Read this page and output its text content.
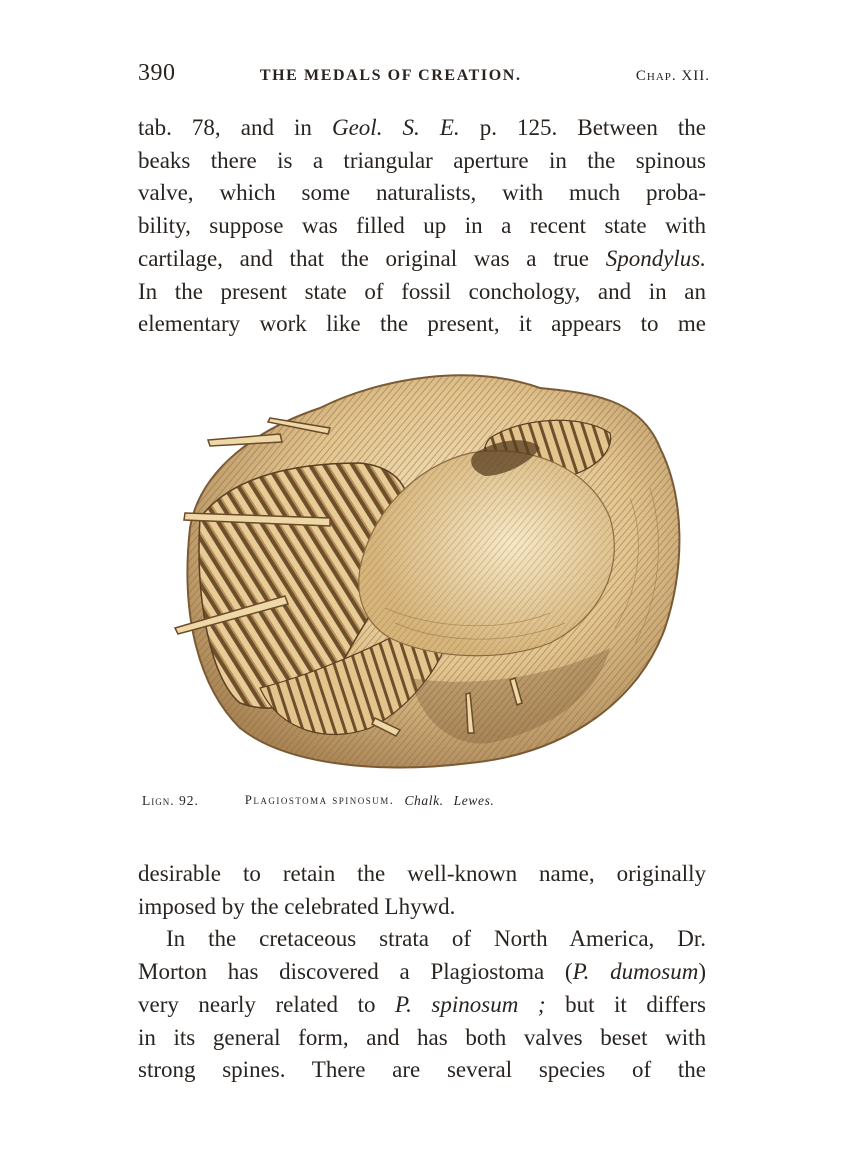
390	THE MEDALS OF CREATION.	Chap. XII.
tab. 78, and in Geol. S. E. p. 125. Between the
beaks there is a triangular aperture in the spinous
valve, which some naturalists, with much proba-
bility, suppose was filled up in a recent state with
cartilage, and that the original was a true Spondylus.
In the present state of fossil conchology, and in an
elementary work like the present, it appears to me
Lign. 92.	Plagiostoma spinosum. Chalk. Lewes.
desirable to retain the well-known name, originally
imposed by the celebrated Lhywd.
In the cretaceous strata of North America, Dr.
Morton has discovered a Plagiostoma (P. dumosum)
very nearly related to P. spinosum ; but it differs
in its general form, and has both valves beset with
strong spines. There are several species of the
